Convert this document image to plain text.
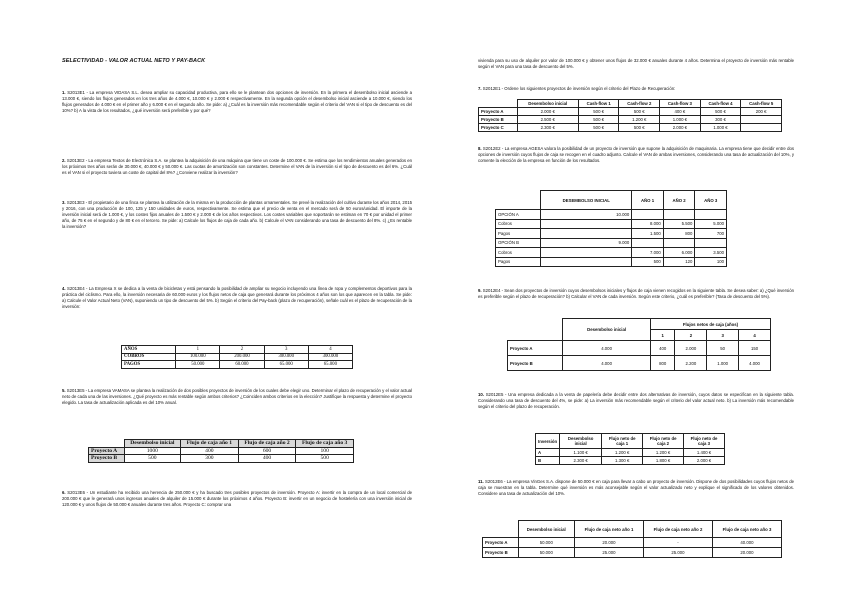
SELECTIVIDAD - VALOR ACTUAL NETO Y PAY-BACK
1. S2013E1 - La empresa VIDASA S.L. desea ampliar su capacidad productiva, para ello se le plantean dos opciones de inversión. En la primera el desembolso inicial asciende a 13.000 €, siendo los flujos generados en los tres años de 4.000 €, 10.000 € y 2.000 € respectivamente. En la segunda opción el desembolso inicial asciende a 10.000 €, siendo los flujos generados de 4.000 € en el primer año y 6.000 € en el segundo año. Se pide: a) ¿Cuál es la inversión más recomendable según el criterio del VAN si el tipo de descuento es del 10%? b) A la vista de los resultados, ¿qué inversión será preferible y por qué?
2. S2013E2 - La empresa Textos de Electrónica S.A. se plantea la adquisición de una máquina que tiene un coste de 100.000 €. Se estima que los rendimientos anuales generados en los próximos tres años serán de 30.000 €, 40.000 € y 50.000 €. Las cuotas de amortización son constantes. Determine el VAN de la inversión si el tipo de descuento es del 6%. ¿Cuál es el VAN si el proyecto tuviera un coste de capital del 8%? ¿Conviene realizar la inversión?
3. S2013E3 - El propietario de una finca se plantea la utilización de la misma en la producción de plantas ornamentales. Se prevé la realización del cultivo durante los años 2014, 2015 y 2016, con una producción de 100, 125 y 150 unidades de euros, respectivamente. Se estima que el precio de venta en el mercado será de 50 euros/unidad. El importe de la inversión inicial será de 1.000 €, y los costes fijos anuales de 1.500 € y 2.000 € de los años respectivos. Los costes variables que soportarán se estiman en 70 € por unidad el primer año, de 75 € en el segundo y de 80 € en el tercero. Se pide: a) Calcule los flujos de caja de cada año. b) Calcule el VAN considerando una tasa de descuento del 8%. c) ¿Es rentable la inversión?
4. S2013E4 - La Empresa X se dedica a la venta de bicicletas y está pensando la posibilidad de ampliar su negocio incluyendo una línea de ropa y complementos deportivos para la práctica del ciclismo. Para ello, la inversión necesaria de 60.000 euros y los flujos netos de caja que generará durante los próximos 4 años son los que aparecen en la tabla. Se pide: a) Calcule el Valor Actual Neto (VAN), suponiendo un tipo de descuento del 5%. b) Según el criterio del Pay-back (plazo de recuperación), señale cuál es el plazo de recuperación de la inversión:
AÑOS	1	2	3	4
COBROS	100.000	200.000	300.000	300.000
PAGOS	50.000	60.000	65.000	65.000
5. S2013E5 - La empresa VAMASA se plantea la realización de dos posibles proyectos de inversión de los cuales debe elegir uno. Determinar el plazo de recuperación y el valor actual neto de cada una de las inversiones. ¿Qué proyecto es más rentable según ambos criterios? ¿Coinciden ambos criterios en la elección? Justifique la respuesta y determine el proyecto elegido. La tasa de actualización aplicada es del 10% anual.
	Desembolso inicial	Flujo de caja año 1	Flujo de caja año 2	Flujo de caja año 3
Proyecto A	1000	400	600	100
Proyecto B	500	300	400	500
6. S2013E6 - Un estudiante ha recibido una herencia de 250.000 € y ha buscado tres posibles proyectos de inversión. Proyecto A: invertir en la compra de un local comercial de 200.000 € que le generará unos ingresos anuales de alquiler de 15.000 € durante los próximos 4 años. Proyecto B: invertir en un negocio de hostelería con una inversión inicial de 120.000 € y unos flujos de 50.000 € anuales durante tres años. Proyecto C: comprar una
vivienda para su uso de alquiler por valor de 100.000 € y obtener unos flujos de 32.000 € anuales durante 4 años. Determina el proyecto de inversión más rentable según el VAN para una tasa de descuento del 5%.
7. S2012E1 - Ordene los siguientes proyectos de inversión según el criterio del Plazo de Recuperación:
	Desembolso inicial	Cash-flow 1	Cash-flow 2	Cash-flow 3	Cash-flow 4	Cash-flow 5
Proyecto A	2.000 €	500 €	500 €	400 €	500 €	200 €
Proyecto B	2.500 €	500 €	1.200 €	1.000 €	300 €	
Proyecto C	2.300 €	500 €	500 €	2.000 €	1.000 €	
8. S2012E2 - La empresa AGESA valora la posibilidad de un proyecto de inversión que supone la adquisición de maquinaria. La empresa tiene que decidir entre dos opciones de inversión cuyos flujos de caja se recogen en el cuadro adjunto. Calcule el VAN de ambas inversiones, considerando una tasa de actualización del 10%, y comente la elección de la empresa en función de los resultados.
	DESEMBOLSO INICIAL	AÑO 1	AÑO 2	AÑO 3
OPCIÓN A	10.000			
Cobros		8.000	5.500	5.000
Pagos		1.500	800	700
OPCIÓN B	9.000			
Cobros		7.000	6.000	3.500
Pagos		500	120	100
9. S2012E4 - Sean dos proyectos de inversión cuyos desembolsos iniciales y flujos de caja vienen recogidos en la siguiente tabla. Se desea saber: a) ¿Qué inversión es preferible según el plazo de recuperación? b) Calcular el VAN de cada inversión. Según este criterio, ¿cuál es preferible? (Tasa de descuento del 5%).
	Desembolso inicial	Flujos netos de caja (años)			
		1	2	3	4
Proyecto A	4.000	400	2.000	50	150
Proyecto B	4.000	800	2.200	1.000	4.000
10. S2012E5 - Una empresa dedicada a la venta de papelería debe decidir entre dos alternativas de inversión, cuyos datos se especifican en la siguiente tabla. Considerando una tasa de descuento del 4%, se pide: a) La inversión más recomendable según el criterio del valor actual neto. b) La inversión más recomendable según el criterio del plazo de recuperación.
Inversión	Desembolso inicial	Flujo neto de caja 1	Flujo neto de caja 2	Flujo neto de caja 3
A	1.100 €	1.200 €	1.200 €	1.400 €
B	2.300 €	1.300 €	1.800 €	2.000 €
11. S2012E6 - La empresa VinGes S.A. dispone de 50.000 € en caja para llevar a cabo un proyecto de inversión. Dispone de dos posibilidades cuyos flujos netos de caja se muestran en la tabla. Determine qué inversión es más aconsejable según el valor actualizado neto y explique el significado de los valores obtenidos. Considere una tasa de actualización del 10%.
	Desembolso inicial	Flujo de caja neto año 1	Flujo de caja neto año 2	Flujo de caja neto año 3
Proyecto A	50.000	20.000	-	40.000
Proyecto B	50.000	25.000	25.000	20.000
